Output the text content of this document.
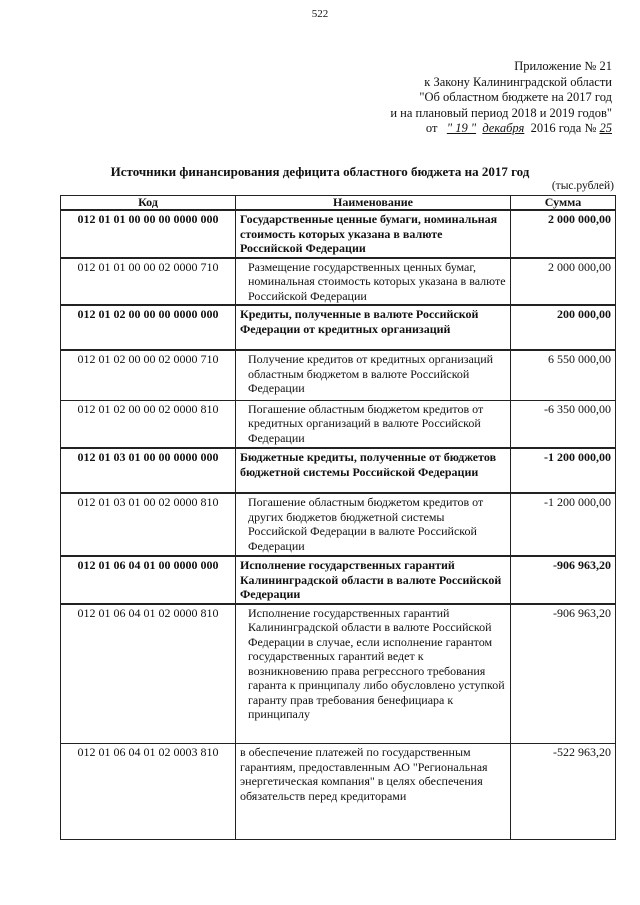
522
Приложение № 21
к Закону Калининградской области
"Об областном бюджете на 2017 год
и на плановый период 2018 и 2019 годов"
от " 19 " декабря 2016 года № 25
Источники финансирования дефицита областного бюджета на 2017 год
(тыс.рублей)
Код	Наименование	Сумма
012 01 01 00 00 00 0000 000	Государственные ценные бумаги, номинальная стоимость которых указана в валюте Российской Федерации	2 000 000,00
012 01 01 00 00 02 0000 710	Размещение государственных ценных бумаг, номинальная стоимость которых указана в валюте Российской Федерации	2 000 000,00
012 01 02 00 00 00 0000 000	Кредиты, полученные в валюте Российской Федерации от кредитных организаций	200 000,00
012 01 02 00 00 02 0000 710	Получение кредитов от кредитных организаций областным бюджетом в валюте Российской Федерации	6 550 000,00
012 01 02 00 00 02 0000 810	Погашение областным бюджетом кредитов от кредитных организаций в валюте Российской Федерации	-6 350 000,00
012 01 03 01 00 00 0000 000	Бюджетные кредиты, полученные от бюджетов бюджетной системы Российской Федерации	-1 200 000,00
012 01 03 01 00 02 0000 810	Погашение областным бюджетом кредитов от других бюджетов бюджетной системы Российской Федерации в валюте Российской Федерации	-1 200 000,00
012 01 06 04 01 00 0000 000	Исполнение государственных гарантий Калининградской области в валюте Российской Федерации	-906 963,20
012 01 06 04 01 02 0000 810	Исполнение государственных гарантий Калининградской области в валюте Российской Федерации в случае, если исполнение гарантом государственных гарантий ведет к возникновению права регрессного требования гаранта к принципалу либо обусловлено уступкой гаранту прав требования бенефициара к принципалу	-906 963,20
012 01 06 04 01 02 0003 810	в обеспечение платежей по государственным гарантиям, предоставленным АО "Региональная энергетическая компания" в целях обеспечения обязательств перед кредиторами	-522 963,20
